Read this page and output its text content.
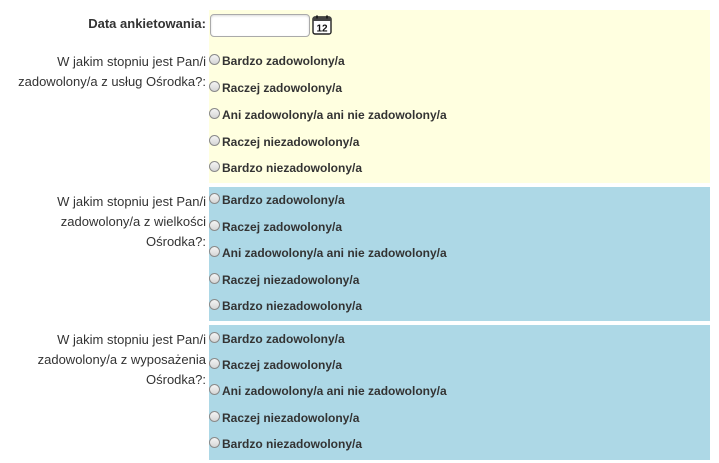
Data ankietowania:	12
W jakim stopniu jest Pan/i zadowolony/a z usług Ośrodka?:
Bardzo zadowolony/a
Raczej zadowolony/a
Ani zadowolony/a ani nie zadowolony/a
Raczej niezadowolony/a
Bardzo niezadowolony/a
W jakim stopniu jest Pan/i zadowolony/a z wielkości Ośrodka?:
Bardzo zadowolony/a
Raczej zadowolony/a
Ani zadowolony/a ani nie zadowolony/a
Raczej niezadowolony/a
Bardzo niezadowolony/a
W jakim stopniu jest Pan/i zadowolony/a z wyposażenia Ośrodka?:
Bardzo zadowolony/a
Raczej zadowolony/a
Ani zadowolony/a ani nie zadowolony/a
Raczej niezadowolony/a
Bardzo niezadowolony/a
